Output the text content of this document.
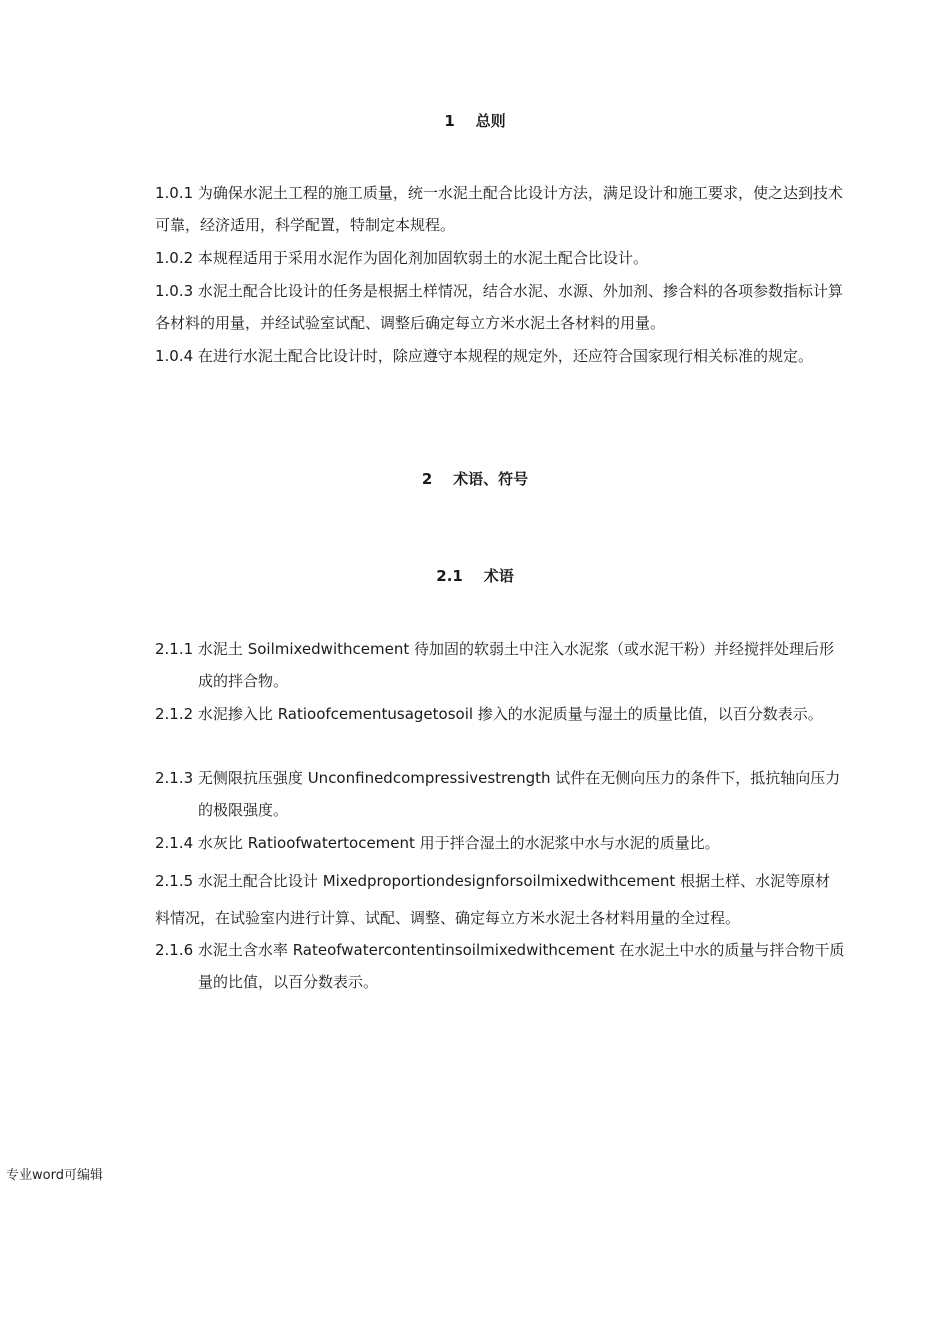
1    总则
1.0.1 为确保水泥土工程的施工质量，统一水泥土配合比设计方法，满足设计和施工要求，使之达到技术可靠，经济适用，科学配置，特制定本规程。
1.0.2 本规程适用于采用水泥作为固化剂加固软弱土的水泥土配合比设计。
1.0.3 水泥土配合比设计的任务是根据土样情况，结合水泥、水源、外加剂、掺合料的各项参数指标计算各材料的用量，并经试验室试配、调整后确定每立方米水泥土各材料的用量。
1.0.4 在进行水泥土配合比设计时，除应遵守本规程的规定外，还应符合国家现行相关标准的规定。
2    术语、符号
2.1    术语
2.1.1 水泥土 Soilmixedwithcement 待加固的软弱土中注入水泥浆（或水泥干粉）并经搅拌处理后形成的拌合物。
2.1.2 水泥掺入比 Ratioofcementusagetosoil 掺入的水泥质量与湿土的质量比值，以百分数表示。
2.1.3 无侧限抗压强度 Unconfinedcompressivestrength 试件在无侧向压力的条件下，抵抗轴向压力的极限强度。
2.1.4 水灰比 Ratioofwatertocement 用于拌合湿土的水泥浆中水与水泥的质量比。
2.1.5 水泥土配合比设计 Mixedproportiondesignforsoilmixedwithcement 根据土样、水泥等原材料情况，在试验室内进行计算、试配、调整、确定每立方米水泥土各材料用量的全过程。
2.1.6 水泥土含水率 Rateofwatercontentinsoilmixedwithcement 在水泥土中水的质量与拌合物干质量的比值，以百分数表示。
专业word可编辑
